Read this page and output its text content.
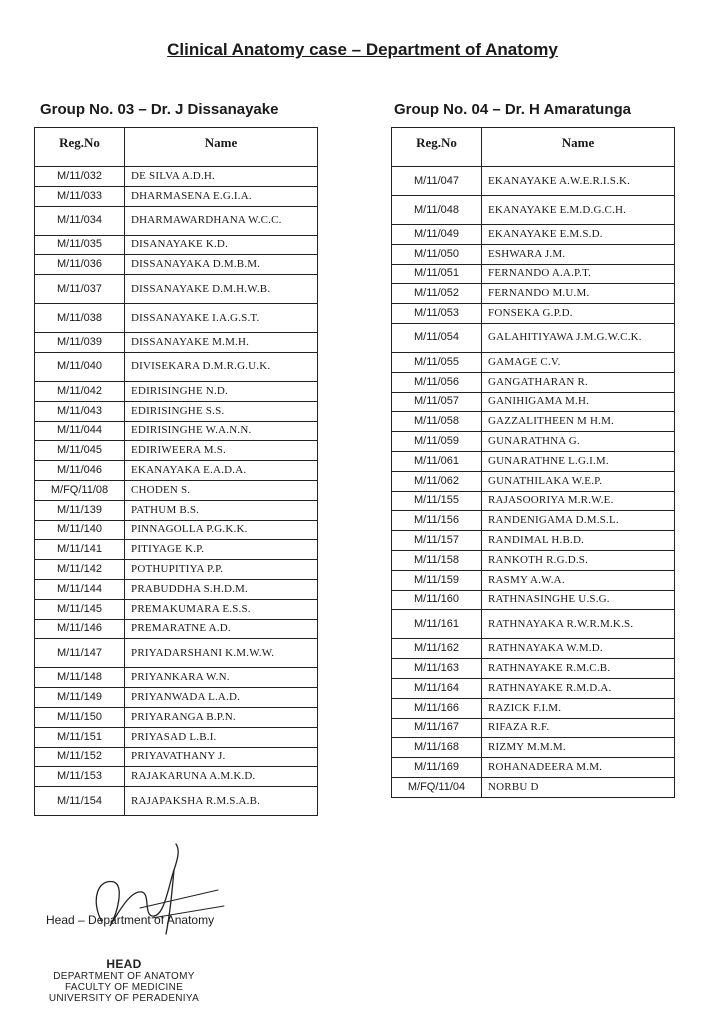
Clinical Anatomy case – Department of Anatomy
Group No. 03 – Dr. J Dissanayake
Reg.No	Name
M/11/032	DE SILVA A.D.H.
M/11/033	DHARMASENA E.G.I.A.
M/11/034	DHARMAWARDHANA W.C.C.
M/11/035	DISANAYAKE K.D.
M/11/036	DISSANAYAKA D.M.B.M.
M/11/037	DISSANAYAKE D.M.H.W.B.
M/11/038	DISSANAYAKE I.A.G.S.T.
M/11/039	DISSANAYAKE M.M.H.
M/11/040	DIVISEKARA D.M.R.G.U.K.
M/11/042	EDIRISINGHE N.D.
M/11/043	EDIRISINGHE S.S.
M/11/044	EDIRISINGHE W.A.N.N.
M/11/045	EDIRIWEERA M.S.
M/11/046	EKANAYAKA E.A.D.A.
M/FQ/11/08	CHODEN S.
M/11/139	PATHUM B.S.
M/11/140	PINNAGOLLA P.G.K.K.
M/11/141	PITIYAGE K.P.
M/11/142	POTHUPITIYA P.P.
M/11/144	PRABUDDHA S.H.D.M.
M/11/145	PREMAKUMARA E.S.S.
M/11/146	PREMARATNE A.D.
M/11/147	PRIYADARSHANI K.M.W.W.
M/11/148	PRIYANKARA W.N.
M/11/149	PRIYANWADA L.A.D.
M/11/150	PRIYARANGA B.P.N.
M/11/151	PRIYASAD L.B.I.
M/11/152	PRIYAVATHANY J.
M/11/153	RAJAKARUNA A.M.K.D.
M/11/154	RAJAPAKSHA R.M.S.A.B.
Group No. 04 – Dr. H Amaratunga
Reg.No	Name
M/11/047	EKANAYAKE A.W.E.R.I.S.K.
M/11/048	EKANAYAKE E.M.D.G.C.H.
M/11/049	EKANAYAKE E.M.S.D.
M/11/050	ESHWARA J.M.
M/11/051	FERNANDO A.A.P.T.
M/11/052	FERNANDO M.U.M.
M/11/053	FONSEKA G.P.D.
M/11/054	GALAHITIYAWA J.M.G.W.C.K.
M/11/055	GAMAGE C.V.
M/11/056	GANGATHARAN R.
M/11/057	GANIHIGAMA M.H.
M/11/058	GAZZALITHEEN M H.M.
M/11/059	GUNARATHNA G.
M/11/061	GUNARATHNE L.G.I.M.
M/11/062	GUNATHILAKA W.E.P.
M/11/155	RAJASOORIYA M.R.W.E.
M/11/156	RANDENIGAMA D.M.S.L.
M/11/157	RANDIMAL H.B.D.
M/11/158	RANKOTH R.G.D.S.
M/11/159	RASMY A.W.A.
M/11/160	RATHNASINGHE U.S.G.
M/11/161	RATHNAYAKA R.W.R.M.K.S.
M/11/162	RATHNAYAKA W.M.D.
M/11/163	RATHNAYAKE R.M.C.B.
M/11/164	RATHNAYAKE R.M.D.A.
M/11/166	RAZICK F.I.M.
M/11/167	RIFAZA R.F.
M/11/168	RIZMY M.M.M.
M/11/169	ROHANADEERA M.M.
M/FQ/11/04	NORBU D
Head – Department of Anatomy
HEAD
DEPARTMENT OF ANATOMY
FACULTY OF MEDICINE
UNIVERSITY OF PERADENIYA
